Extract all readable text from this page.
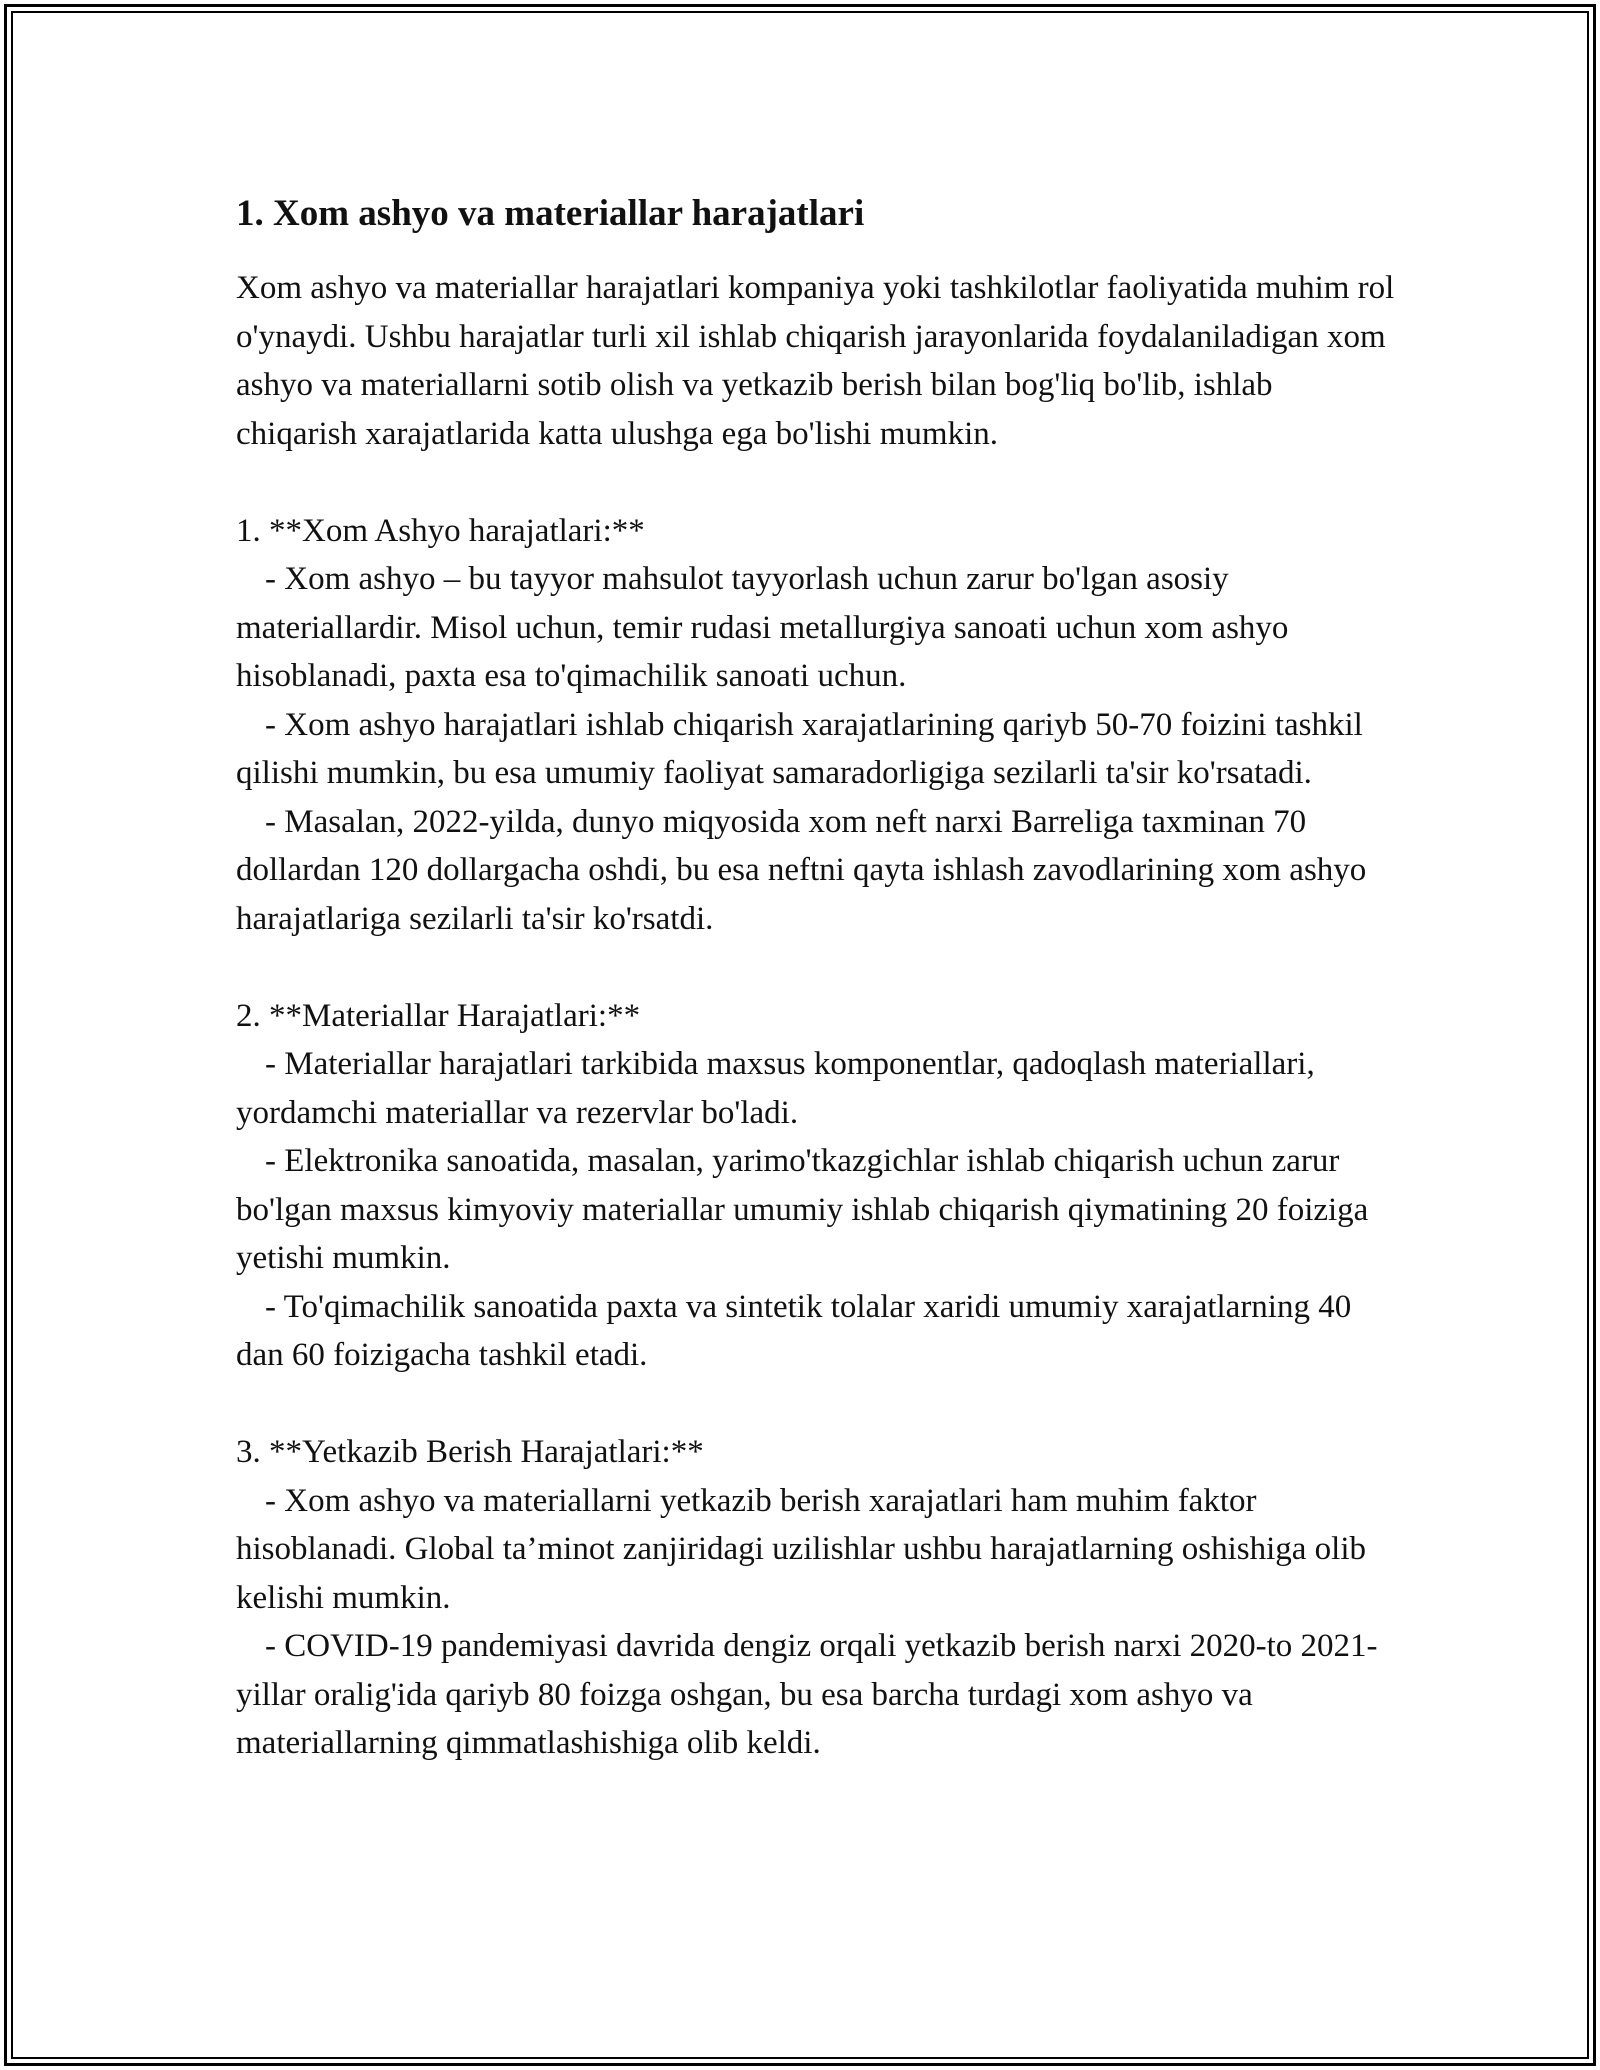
1. Xom ashyo va materiallar harajatlari

Xom ashyo va materiallar harajatlari kompaniya yoki tashkilotlar faoliyatida muhim rol o'ynaydi. Ushbu harajatlar turli xil ishlab chiqarish jarayonlarida foydalaniladigan xom ashyo va materiallarni sotib olish va yetkazib berish bilan bog'liq bo'lib, ishlab chiqarish xarajatlarida katta ulushga ega bo'lishi mumkin.

1. **Xom Ashyo harajatlari:**

- Xom ashyo – bu tayyor mahsulot tayyorlash uchun zarur bo'lgan asosiy materiallardir. Misol uchun, temir rudasi metallurgiya sanoati uchun xom ashyo hisoblanadi, paxta esa to'qimachilik sanoati uchun.

- Xom ashyo harajatlari ishlab chiqarish xarajatlarining qariyb 50-70 foizini tashkil qilishi mumkin, bu esa umumiy faoliyat samaradorligiga sezilarli ta'sir ko'rsatadi.

- Masalan, 2022-yilda, dunyo miqyosida xom neft narxi Barreliga taxminan 70 dollardan 120 dollargacha oshdi, bu esa neftni qayta ishlash zavodlarining xom ashyo harajatlariga sezilarli ta'sir ko'rsatdi.

2. **Materiallar Harajatlari:**

- Materiallar harajatlari tarkibida maxsus komponentlar, qadoqlash materiallari, yordamchi materiallar va rezervlar bo'ladi.

- Elektronika sanoatida, masalan, yarimo'tkazgichlar ishlab chiqarish uchun zarur bo'lgan maxsus kimyoviy materiallar umumiy ishlab chiqarish qiymatining 20 foiziga yetishi mumkin.

- To'qimachilik sanoatida paxta va sintetik tolalar xaridi umumiy xarajatlarning 40 dan 60 foizigacha tashkil etadi.

3. **Yetkazib Berish Harajatlari:**

- Xom ashyo va materiallarni yetkazib berish xarajatlari ham muhim faktor hisoblanadi. Global ta’minot zanjiridagi uzilishlar ushbu harajatlarning oshishiga olib kelishi mumkin.

- COVID-19 pandemiyasi davrida dengiz orqali yetkazib berish narxi 2020-to 2021-yillar oralig'ida qariyb 80 foizga oshgan, bu esa barcha turdagi xom ashyo va materiallarning qimmatlashishiga olib keldi.
